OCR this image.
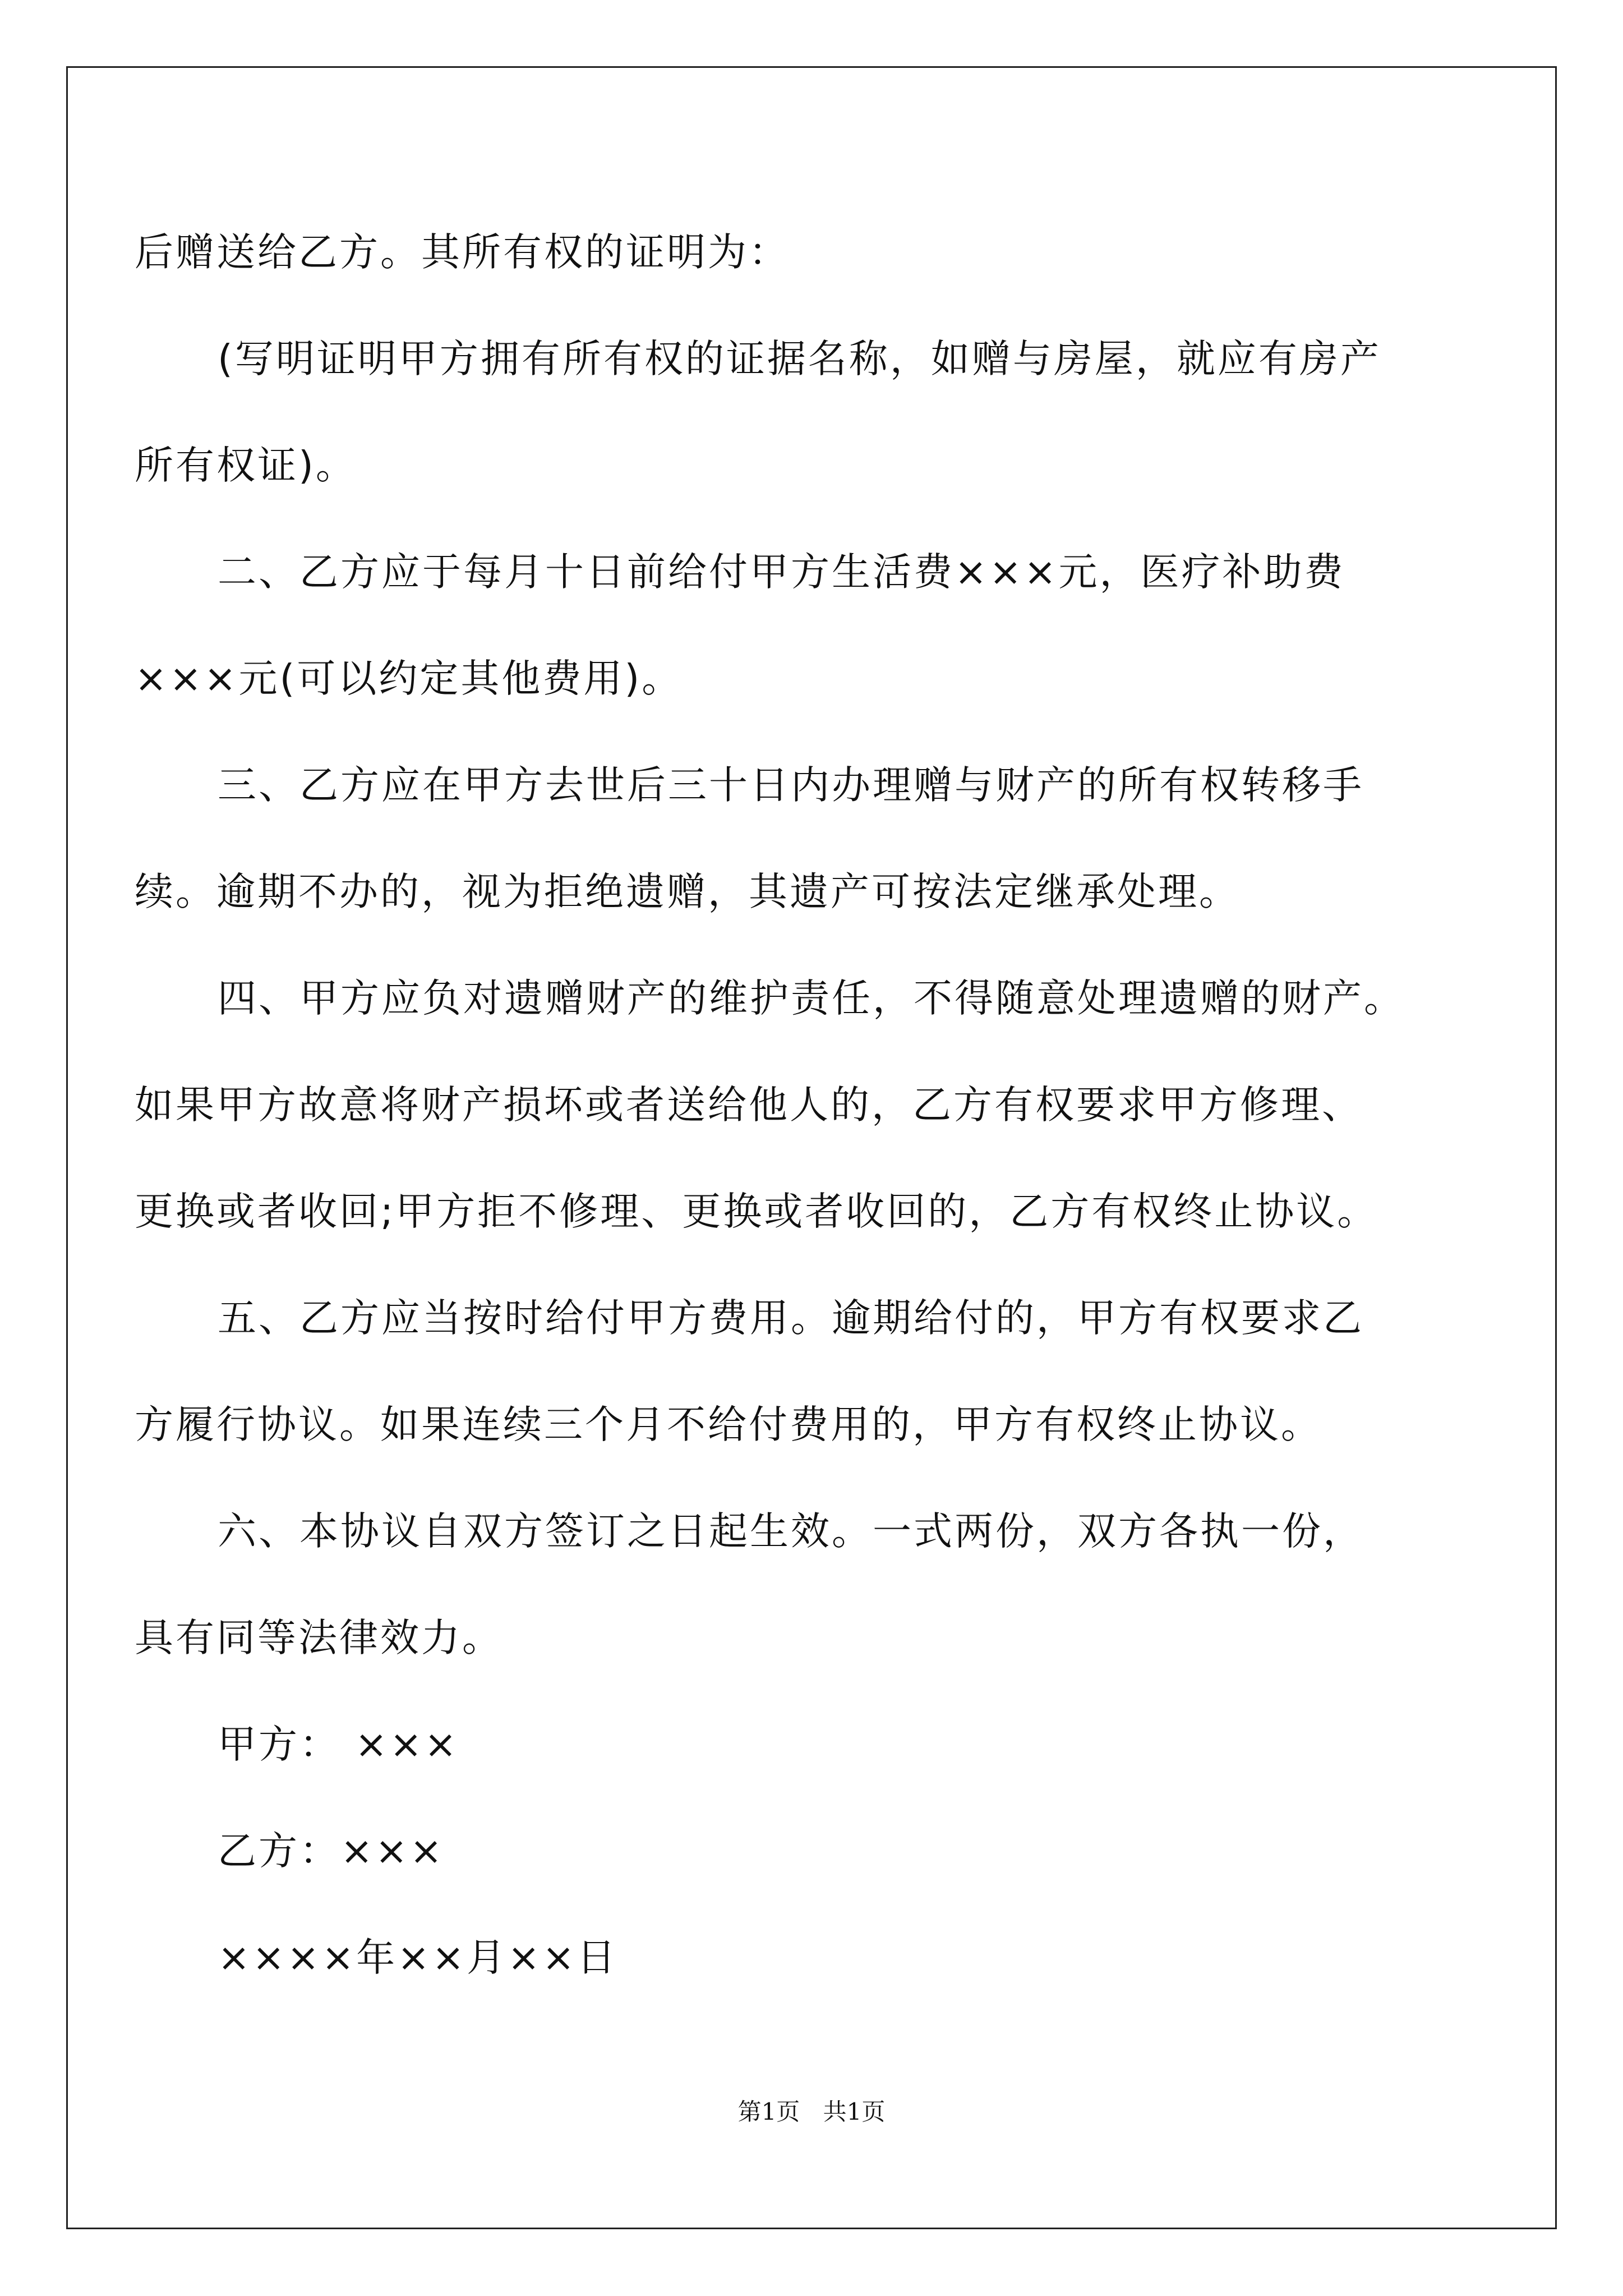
后赠送给乙方。其所有权的证明为：
(写明证明甲方拥有所有权的证据名称，如赠与房屋，就应有房产
所有权证)。
二、乙方应于每月十日前给付甲方生活费×××元，医疗补助费
×××元(可以约定其他费用)。
三、乙方应在甲方去世后三十日内办理赠与财产的所有权转移手
续。逾期不办的，视为拒绝遗赠，其遗产可按法定继承处理。
四、甲方应负对遗赠财产的维护责任，不得随意处理遗赠的财产。
如果甲方故意将财产损坏或者送给他人的，乙方有权要求甲方修理、
更换或者收回;甲方拒不修理、更换或者收回的，乙方有权终止协议。
五、乙方应当按时给付甲方费用。逾期给付的，甲方有权要求乙
方履行协议。如果连续三个月不给付费用的，甲方有权终止协议。
六、本协议自双方签订之日起生效。一式两份，双方各执一份，
具有同等法律效力。
甲方： ×××
乙方：×××
××××年××月××日
第1页 共1页
